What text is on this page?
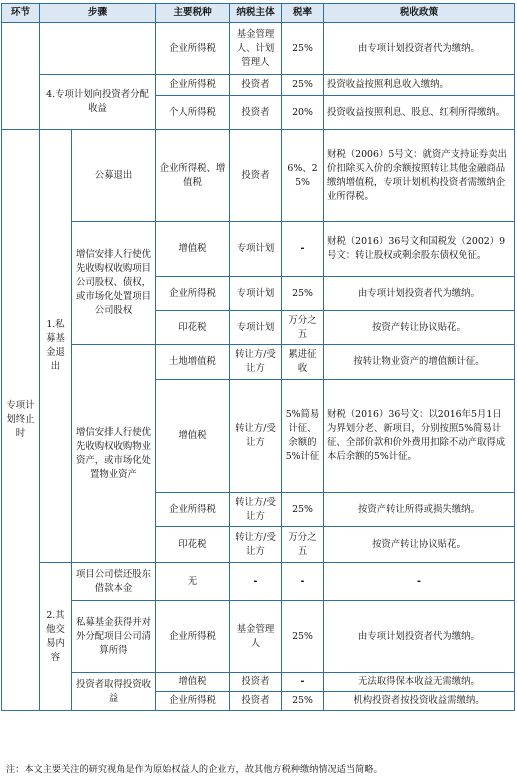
环节	步骤		主要税种	纳税主体	税率	税收政策
			企业所得税	基金管理人、计划管理人	25%	由专项计划投资者代为缴纳。
	4.专项计划向投资者分配收益		企业所得税	投资者	25%	投资收益按照利息收入缴纳。
			个人所得税	投资者	20%	投资收益按照利息、股息、红利所得缴纳。
专项计划终止时	1.私募基金退出	公募退出	企业所得税、增值税	投资者	6%、25%	财税（2006）5号文：就资产支持证券卖出价扣除买入价的余额按照转让其他金融商品缴纳增值税，专项计划机构投资者需缴纳企业所得税。
		增信安排人行使优先收购权收购项目公司股权、债权，或市场化处置项目公司股权	增值税	专项计划	-	财税（2016）36号文和国税发（2002）9号文：转让股权或剩余股东债权免征。
			企业所得税	专项计划	25%	由专项计划投资者代为缴纳。
			印花税	专项计划	万分之五	按资产转让协议贴花。
		增信安排人行使优先收购权收购物业资产，或市场化处置物业资产	土地增值税	转让方/受让方	累进征收	按转让物业资产的增值额计征。
			增值税	转让方/受让方	5%简易计征、余额的5%计征	财税（2016）36号文：以2016年5月1日为界划分老、新项目，分别按照5%简易计征、全部价款和价外费用扣除不动产取得成本后余额的5%计征。
			企业所得税	转让方/受让方	25%	按资产转让所得或损失缴纳。
			印花税	转让方/受让方	万分之五	按资产转让协议贴花。
	2.其他交易内容	项目公司偿还股东借款本金	无	-	-	-
		私募基金获得并对外分配项目公司清算所得	企业所得税	基金管理人	25%	由专项计划投资者代为缴纳。
		投资者取得投资收益	增值税	投资者	-	无法取得保本收益无需缴纳。
			企业所得税	投资者	25%	机构投资者按投资收益需缴纳。
注：本文主要关注的研究视角是作为原始权益人的企业方，故其他方税种缴纳情况适当简略。
